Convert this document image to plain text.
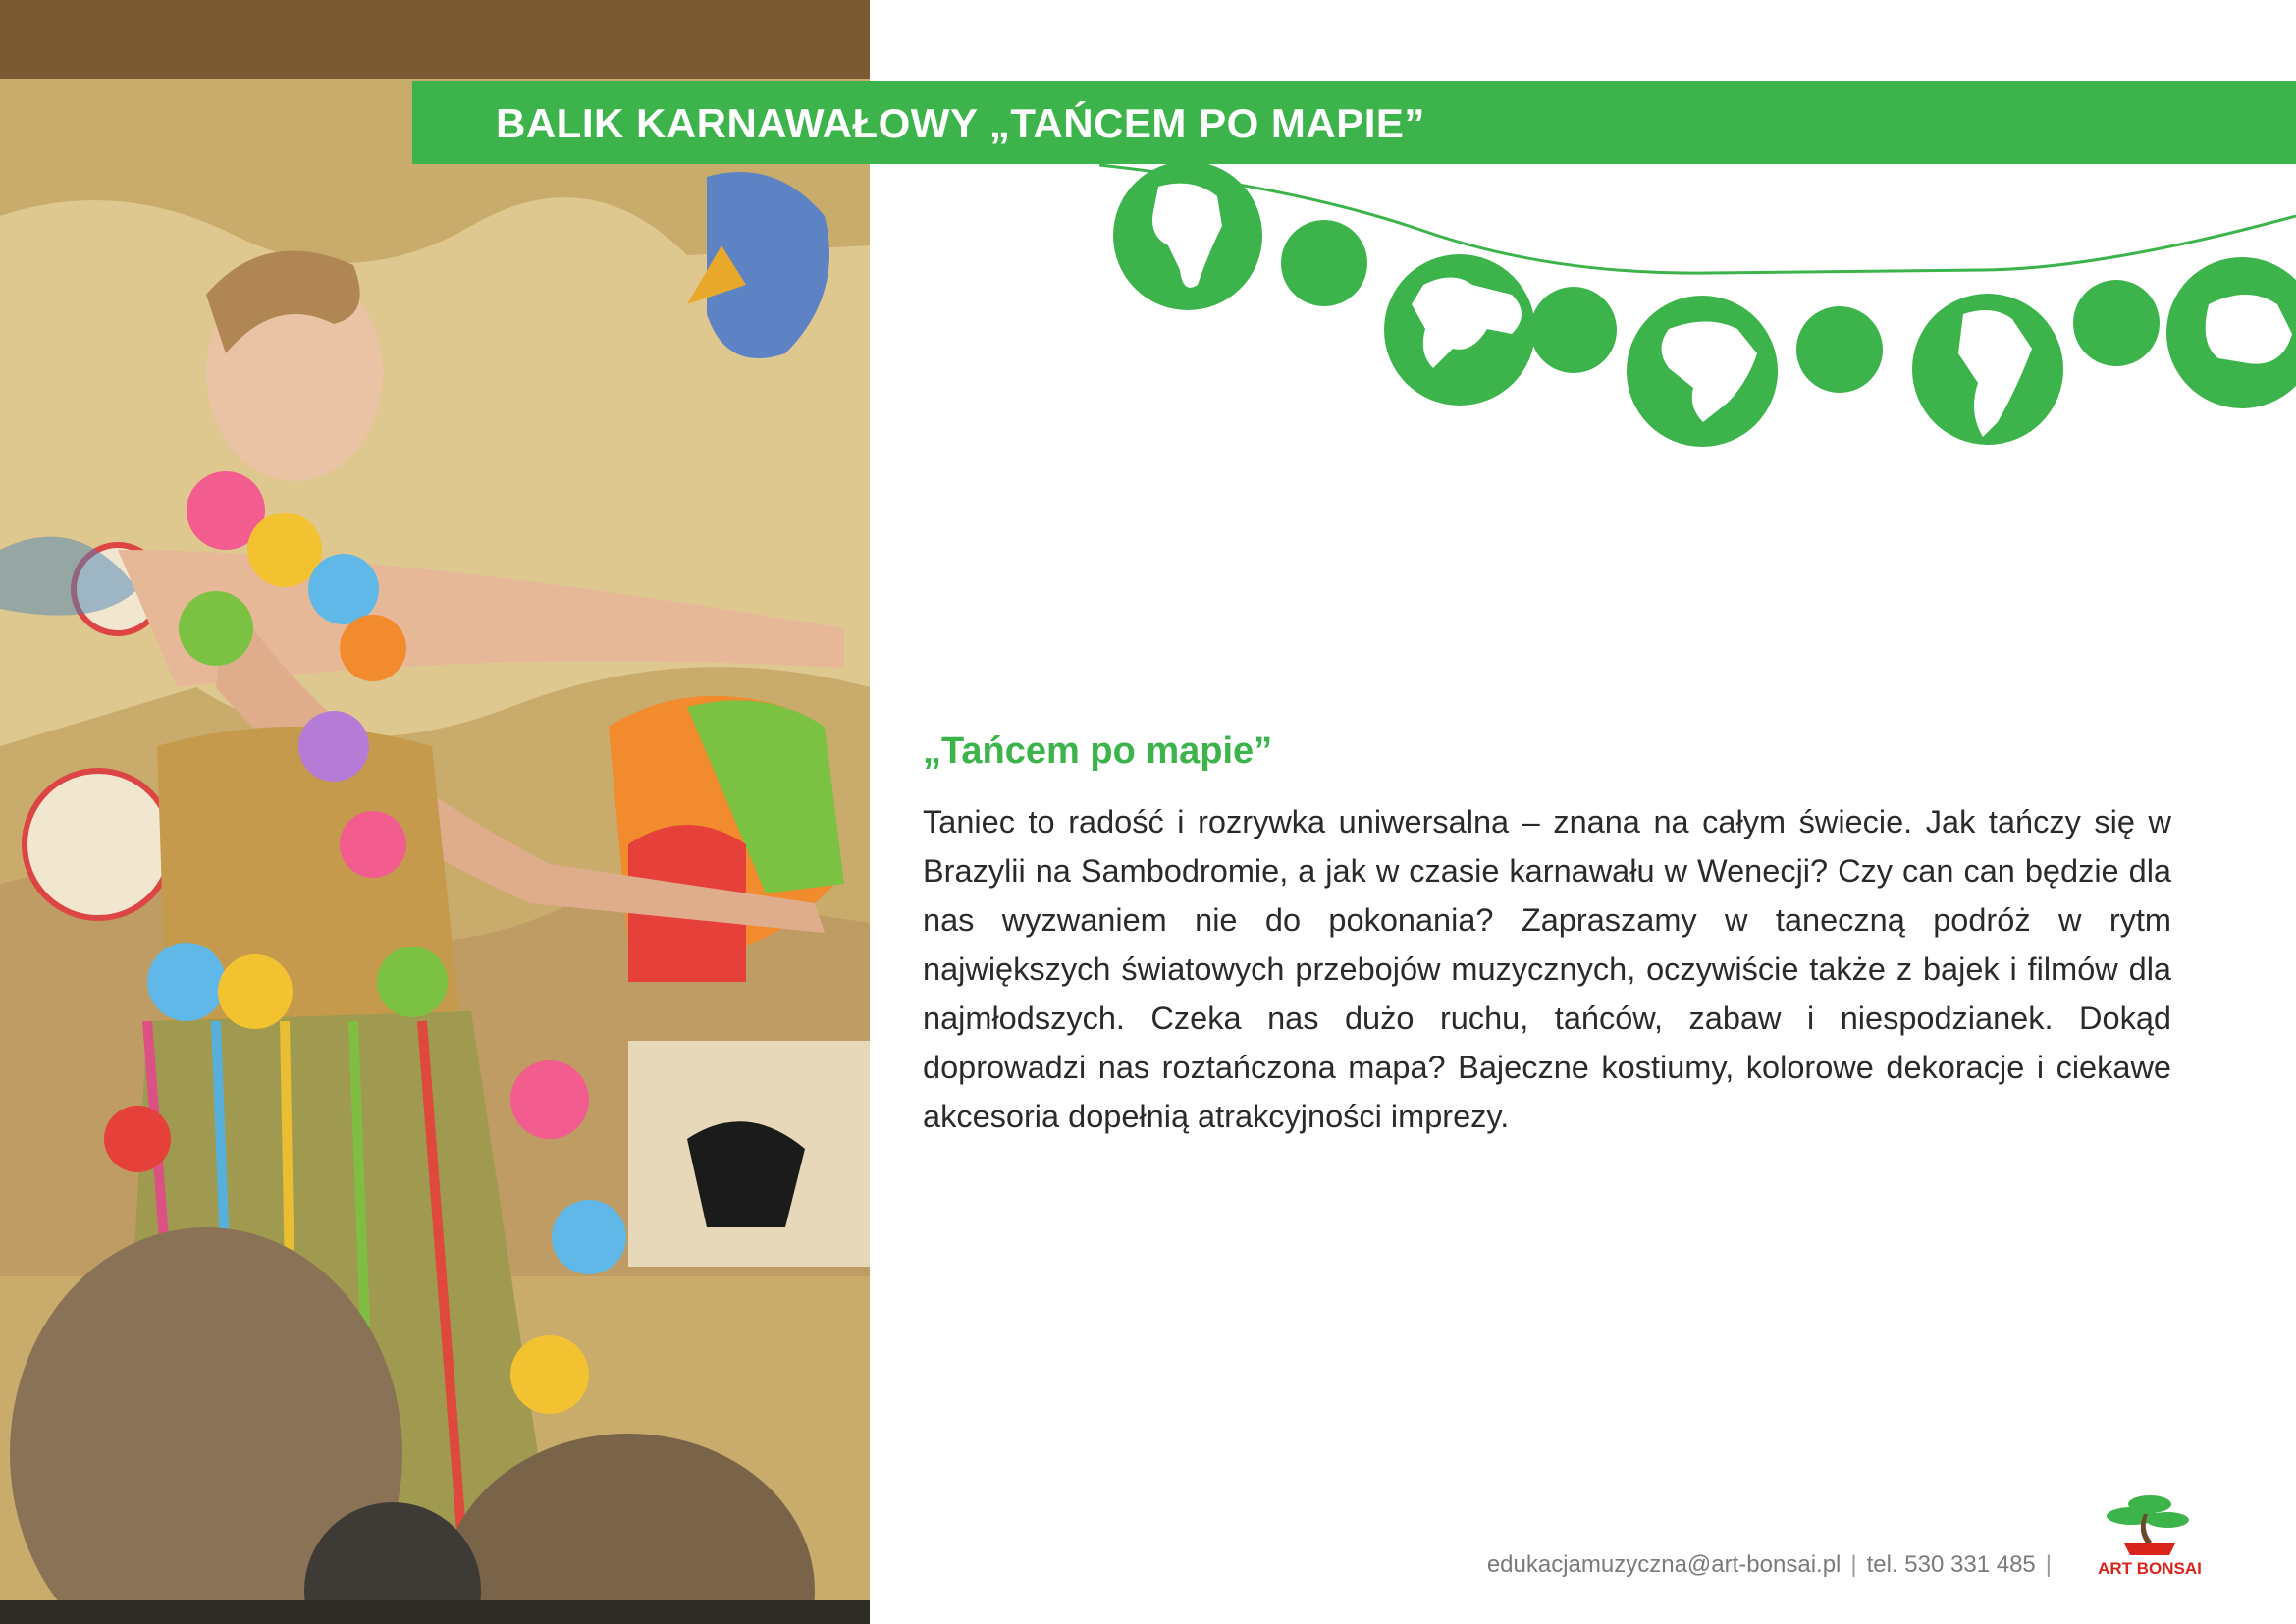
BALIK KARNAWAŁOWY „TAŃCEM PO MAPIE”
„Tańcem po mapie”
Taniec to radość i rozrywka uniwersalna – znana na całym świecie. Jak tańczy się w Brazylii na Sambodromie, a jak w czasie karnawału w Wenecji? Czy can can będzie dla nas wyzwaniem nie do pokonania? Zapraszamy w taneczną podróż w rytm największych światowych przebojów muzycznych, oczywiście także z bajek i filmów dla najmłodszych. Czeka nas dużo ruchu, tańców, zabaw i niespodzianek. Dokąd doprowadzi nas roztańczona mapa? Bajeczne kostiumy, kolorowe dekoracje i ciekawe akcesoria dopełnią atrakcyjności imprezy.
edukacjamuzyczna@art-bonsai.pl | tel. 530 331 485 |	ART BONSAI
